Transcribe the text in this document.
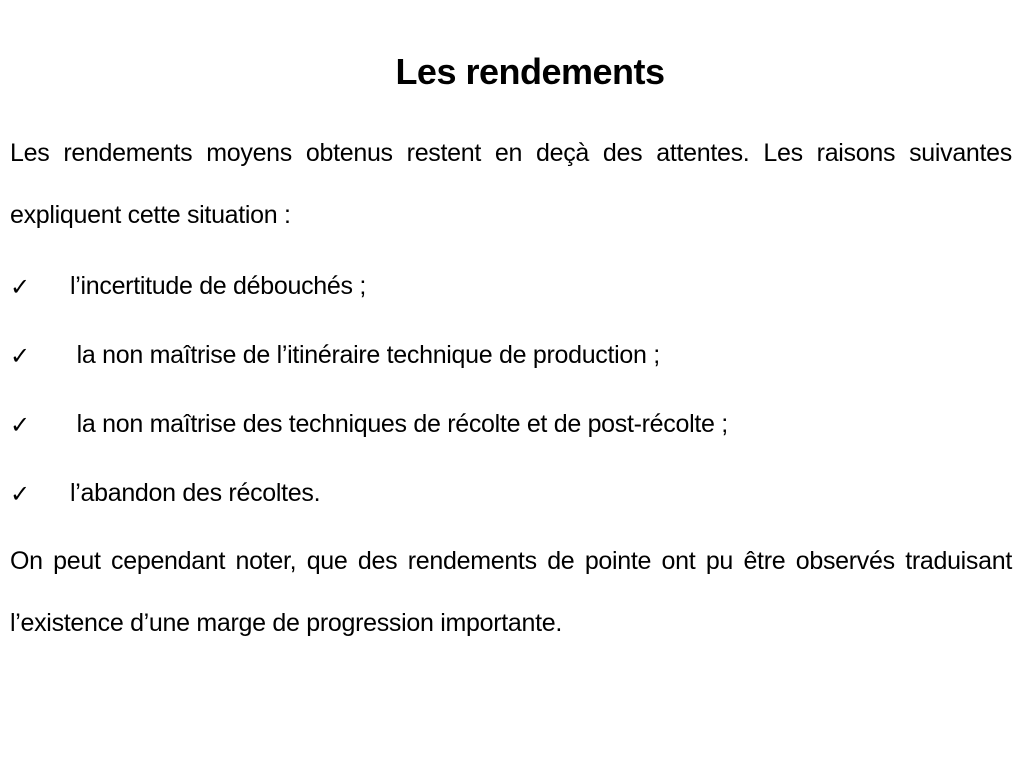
Les rendements

Les rendements moyens obtenus restent en deçà des attentes. Les raisons suivantes expliquent cette situation :

✓	l’incertitude de débouchés ;
✓	la non maîtrise de l’itinéraire technique de production ;
✓	la non maîtrise des techniques de récolte et de post-récolte ;
✓	l’abandon des récoltes.

On peut cependant noter, que des rendements de pointe ont pu être observés traduisant l’existence d’une marge de progression importante.
